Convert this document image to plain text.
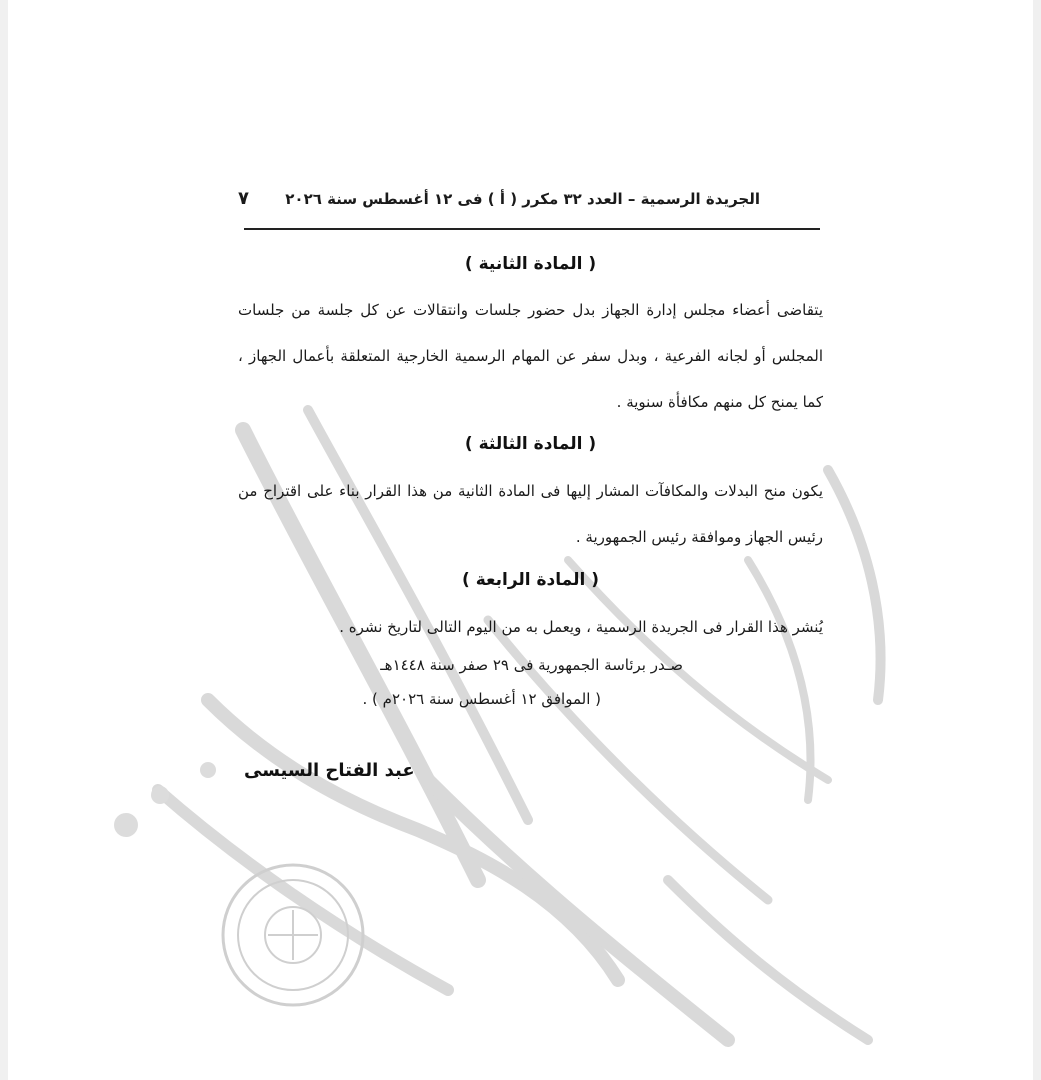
الجريدة الرسمية – العدد ٣٢ مكرر ( أ ) فى ١٢ أغسطس سنة ٢٠٢٦
٧
( المادة الثانية )
يتقاضى أعضاء مجلس إدارة الجهاز بدل حضور جلسات وانتقالات عن كل جلسة من جلسات المجلس أو لجانه الفرعية ، وبدل سفر عن المهام الرسمية الخارجية المتعلقة بأعمال الجهاز ، كما يمنح كل منهم مكافأة سنوية .
( المادة الثالثة )
يكون منح البدلات والمكافآت المشار إليها فى المادة الثانية من هذا القرار بناء على اقتراح من رئيس الجهاز وموافقة رئيس الجمهورية .
( المادة الرابعة )
يُنشر هذا القرار فى الجريدة الرسمية ، ويعمل به من اليوم التالى لتاريخ نشره .
صـدر برئاسة الجمهورية فى ٢٩ صفر سنة ١٤٤٨هـ
( الموافق ١٢ أغسطس سنة ٢٠٢٦م ) .
عبد الفتاح السيسى
